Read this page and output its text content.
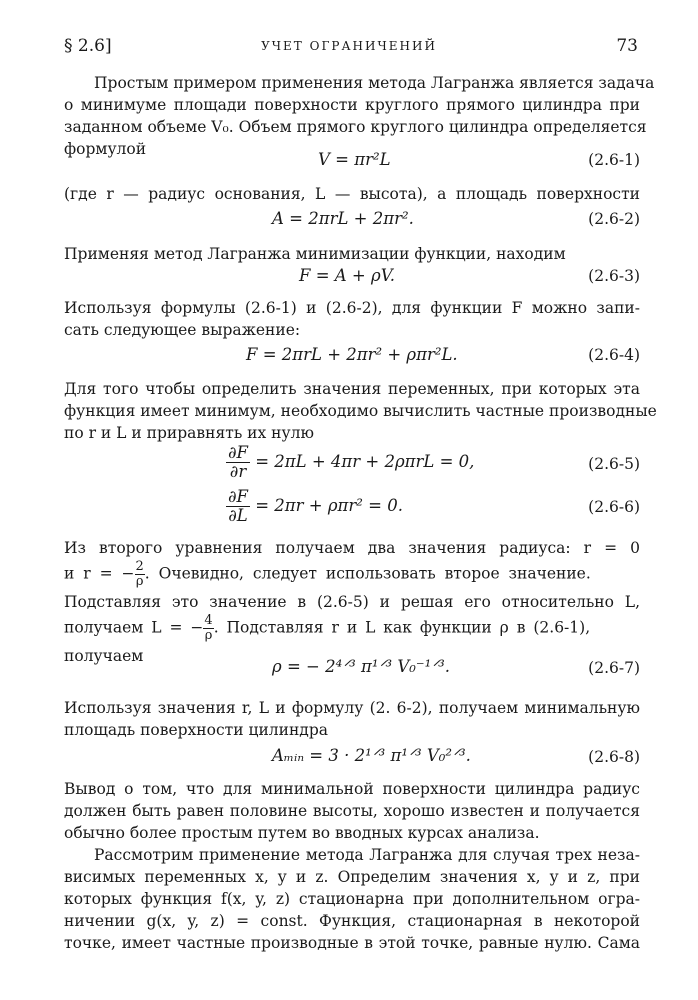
§ 2.6]	УЧЕТ ОГРАНИЧЕНИЙ	73
Простым примером применения метода Лагранжа является задача
о минимуме площади поверхности круглого прямого цилиндра при
заданном объеме V₀. Объем прямого круглого цилиндра определяется
формулой
V = πr²L	(2.6-1)
(где r — радиус основания, L — высота), а площадь поверхности
A = 2πrL + 2πr².	(2.6-2)
Применяя метод Лагранжа минимизации функции, находим
F = A + ρV.	(2.6-3)
Используя формулы (2.6-1) и (2.6-2), для функции F можно запи-
сать следующее выражение:
F = 2πrL + 2πr² + ρπr²L.	(2.6-4)
Для того чтобы определить значения переменных, при которых эта
функция имеет минимум, необходимо вычислить частные производные
по r и L и приравнять их нулю
$\frac{\partial F}{\partial r} = 2\pi L + 4\pi r + 2\rho\pi rL = 0$,	(2.6-5)
$\frac{\partial F}{\partial L} = 2\pi r + \rho\pi r^2 = 0$.	(2.6-6)
Из второго уравнения получаем два значения радиуса: r = 0
и r = − $\frac{2}{\rho}$ . Очевидно, следует использовать второе значение.
Подставляя это значение в (2.6-5) и решая его относительно L,
получаем L = − $\frac{4}{\rho}$ . Подставляя r и L как функции ρ в (2.6-1),
получаем
ρ = − 2⁴ᐟ³ π¹ᐟ³ V₀⁻¹ᐟ³.	(2.6-7)
Используя значения r, L и формулу (2. 6-2), получаем минимальную
площадь поверхности цилиндра
Aₘᵢₙ = 3 · 2¹ᐟ³ π¹ᐟ³ V₀²ᐟ³.	(2.6-8)
Вывод о том, что для минимальной поверхности цилиндра радиус
должен быть равен половине высоты, хорошо известен и получается
обычно более простым путем во вводных курсах анализа.
Рассмотрим применение метода Лагранжа для случая трех неза-
висимых переменных x, y и z. Определим значения x, y и z, при
которых функция f(x, y, z) стационарна при дополнительном огра-
ничении g(x, y, z) = const. Функция, стационарная в некоторой
точке, имеет частные производные в этой точке, равные нулю. Сама
